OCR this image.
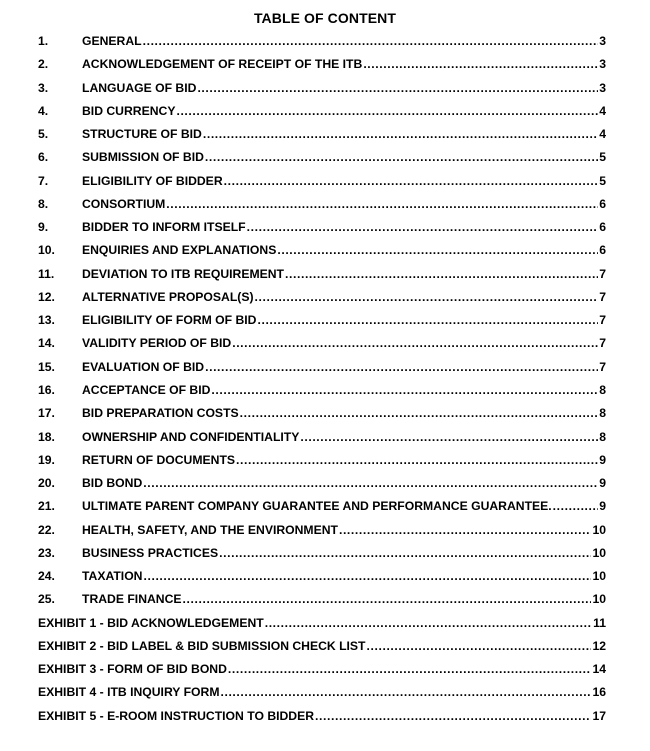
TABLE OF CONTENT
1.	GENERAL .....	3
2.	ACKNOWLEDGEMENT OF RECEIPT OF THE ITB .....	3
3.	LANGUAGE OF BID .....	3
4.	BID CURRENCY .....	4
5.	STRUCTURE OF BID .....	4
6.	SUBMISSION OF BID .....	5
7.	ELIGIBILITY OF BIDDER .....	5
8.	CONSORTIUM .....	6
9.	BIDDER TO INFORM ITSELF .....	6
10.	ENQUIRIES AND EXPLANATIONS .....	6
11.	DEVIATION TO ITB REQUIREMENT .....	7
12.	ALTERNATIVE PROPOSAL(S) .....	7
13.	ELIGIBILITY OF FORM OF BID .....	7
14.	VALIDITY PERIOD OF BID .....	7
15.	EVALUATION OF BID .....	7
16.	ACCEPTANCE OF BID .....	8
17.	BID PREPARATION COSTS .....	8
18.	OWNERSHIP AND CONFIDENTIALITY .....	8
19.	RETURN OF DOCUMENTS .....	9
20.	BID BOND .....	9
21.	ULTIMATE PARENT COMPANY GUARANTEE AND PERFORMANCE GUARANTEE. .....	9
22.	HEALTH, SAFETY, AND THE ENVIRONMENT .....	10
23.	BUSINESS PRACTICES .....	10
24.	TAXATION .....	10
25.	TRADE FINANCE .....	10
EXHIBIT 1 - BID ACKNOWLEDGEMENT .....	11
EXHIBIT 2 - BID LABEL & BID SUBMISSION CHECK LIST .....	12
EXHIBIT 3 - FORM OF BID BOND .....	14
EXHIBIT 4 - ITB INQUIRY FORM .....	16
EXHIBIT 5 - E-ROOM INSTRUCTION TO BIDDER .....	17
